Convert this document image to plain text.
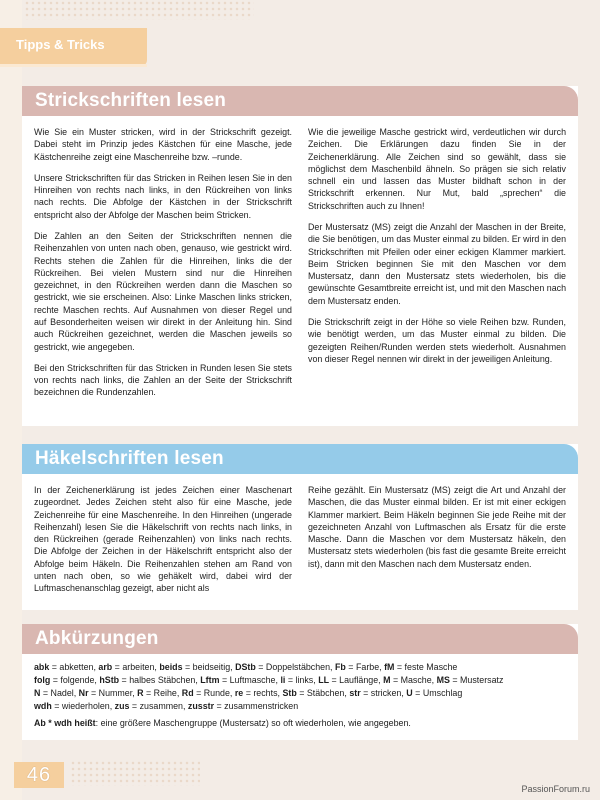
Tipps & Tricks
Strickschriften lesen

Wie Sie ein Muster stricken, wird in der Strickschrift gezeigt. Dabei steht im Prinzip jedes Kästchen für eine Masche, jede Kästchenreihe zeigt eine Maschenreihe bzw. –runde.

Unsere Strickschriften für das Stricken in Reihen lesen Sie in den Hinreihen von rechts nach links, in den Rückreihen von links nach rechts. Die Abfolge der Kästchen in der Strickschrift entspricht also der Abfolge der Maschen beim Stricken.

Die Zahlen an den Seiten der Strickschriften nennen die Reihenzahlen von unten nach oben, genauso, wie gestrickt wird. Rechts stehen die Zahlen für die Hinreihen, links die der Rückreihen. Bei vielen Mustern sind nur die Hinreihen gezeichnet, in den Rückreihen werden dann die Maschen so gestrickt, wie sie erscheinen. Also: Linke Maschen links stricken, rechte Maschen rechts. Auf Ausnahmen von dieser Regel und auf Besonderheiten weisen wir direkt in der Anleitung hin. Sind auch Rückreihen gezeichnet, werden die Maschen jeweils so gestrickt, wie angegeben.

Bei den Strickschriften für das Stricken in Runden lesen Sie stets von rechts nach links, die Zahlen an der Seite der Strickschrift bezeichnen die Rundenzahlen.

Wie die jeweilige Masche gestrickt wird, verdeutlichen wir durch Zeichen. Die Erklärungen dazu finden Sie in der Zeichenerklärung. Alle Zeichen sind so gewählt, dass sie möglichst dem Maschenbild ähneln. So prägen sie sich relativ schnell ein und lassen das Muster bildhaft schon in der Strickschrift erkennen. Nur Mut, bald „sprechen“ die Strickschriften auch zu Ihnen!

Der Mustersatz (MS) zeigt die Anzahl der Maschen in der Breite, die Sie benötigen, um das Muster einmal zu bilden. Er wird in den Strickschriften mit Pfeilen oder einer eckigen Klammer markiert. Beim Stricken beginnen Sie mit den Maschen vor dem Mustersatz, dann den Mustersatz stets wiederholen, bis die gewünschte Gesamtbreite erreicht ist, und mit den Maschen nach dem Mustersatz enden.

Die Strickschrift zeigt in der Höhe so viele Reihen bzw. Runden, wie benötigt werden, um das Muster einmal zu bilden. Die gezeigten Reihen/Runden werden stets wiederholt. Ausnahmen von dieser Regel nennen wir direkt in der jeweiligen Anleitung.

Häkelschriften lesen

In der Zeichenerklärung ist jedes Zeichen einer Maschenart zugeordnet. Jedes Zeichen steht also für eine Masche, jede Zeichenreihe für eine Maschenreihe. In den Hinreihen (ungerade Reihenzahl) lesen Sie die Häkelschrift von rechts nach links, in den Rückreihen (gerade Reihenzahlen) von links nach rechts. Die Abfolge der Zeichen in der Häkelschrift entspricht also der Abfolge beim Häkeln. Die Reihenzahlen stehen am Rand von unten nach oben, so wie gehäkelt wird, dabei wird der Luftmaschenanschlag gezeigt, aber nicht als

Reihe gezählt. Ein Mustersatz (MS) zeigt die Art und Anzahl der Maschen, die das Muster einmal bilden. Er ist mit einer eckigen Klammer markiert. Beim Häkeln beginnen Sie jede Reihe mit der gezeichneten Anzahl von Luftmaschen als Ersatz für die erste Masche. Dann die Maschen vor dem Mustersatz häkeln, den Mustersatz stets wiederholen (bis fast die gesamte Breite erreicht ist), dann mit den Maschen nach dem Mustersatz enden.

Abkürzungen
abk = abketten, arb = arbeiten, beids = beidseitig, DStb = Doppelstäbchen, Fb = Farbe, fM = feste Masche
folg = folgende, hStb = halbes Stäbchen, Lftm = Luftmasche, li = links, LL = Lauflänge, M = Masche, MS = Mustersatz
N = Nadel, Nr = Nummer, R = Reihe, Rd = Runde, re = rechts, Stb = Stäbchen, str = stricken, U = Umschlag
wdh = wiederholen, zus = zusammen, zusstr = zusammenstricken
Ab * wdh heißt: eine größere Maschengruppe (Mustersatz) so oft wiederholen, wie angegeben.
46
PassionForum.ru
